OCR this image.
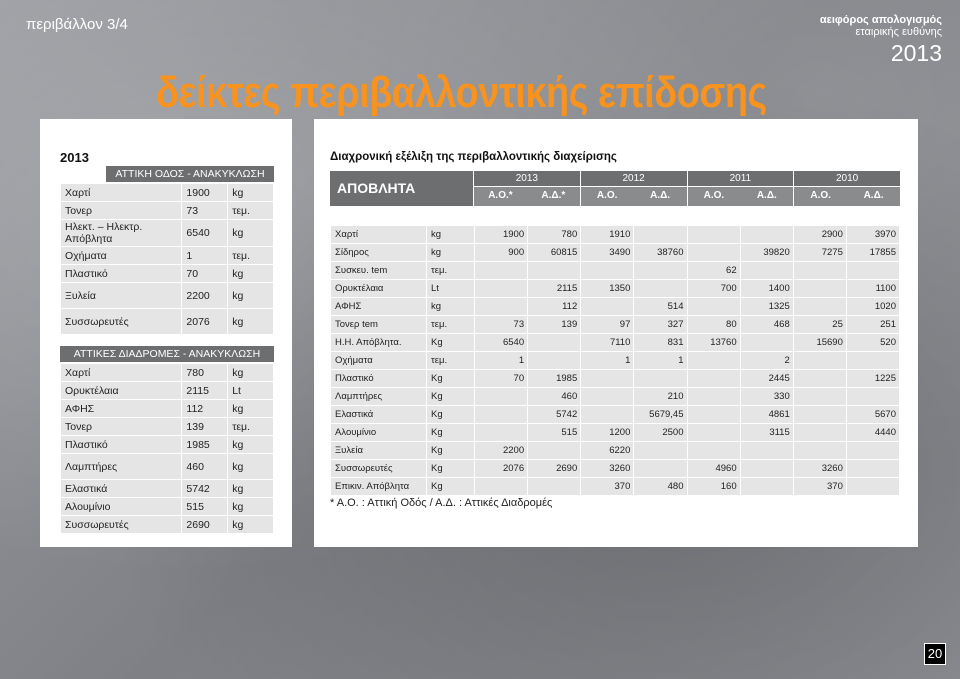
περιβάλλον 3/4	αειφόρος απολογισμός
εταιρικής ευθύνης
2013
δείκτες περιβαλλοντικής επίδοσης
2013
ΑΤΤΙΚΗ ΟΔΟΣ - ΑΝΑΚΥΚΛΩΣΗ
Χαρτί	1900	kg
Τονερ	73	τεμ.
Ηλεκτ. – Ηλεκτρ. Απόβλητα	6540	kg
Οχήματα	1	τεμ.
Πλαστικό	70	kg
Ξυλεία	2200	kg
Συσσωρευτές	2076	kg
ΑΤΤΙΚΕΣ ΔΙΑΔΡΟΜΕΣ - ΑΝΑΚΥΚΛΩΣΗ
Χαρτί	780	kg
Ορυκτέλαια	2115	Lt
ΑΦΗΣ	112	kg
Τονερ	139	τεμ.
Πλαστικό	1985	kg
Λαμπτήρες	460	kg
Ελαστικά	5742	kg
Αλουμίνιο	515	kg
Συσσωρευτές	2690	kg
Διαχρονική εξέλιξη της περιβαλλοντικής διαχείρισης
ΑΠΟΒΛΗΤΑ
2013
Α.Ο.*	Α.Δ.*
2012
Α.Ο.	Α.Δ.
2011
Α.Ο.	Α.Δ.
2010
Α.Ο.	Α.Δ.
Χαρτί	kg	1900	780	1910				2900	3970
Σίδηρος	kg	900	60815	3490	38760		39820	7275	17855
Συσκευ. tem	τεμ.					62			
Ορυκτέλαια	Lt		2115	1350		700	1400		1100
ΑΦΗΣ	kg		112		514		1325		1020
Τονερ tem	τεμ.	73	139	97	327	80	468	25	251
Η.Η. Απόβλητα.	Kg	6540		7110	831	13760		15690	520
Οχήματα	τεμ.	1		1	1		2		
Πλαστικό	Kg	70	1985				2445		1225
Λαμπτήρες	Kg		460		210		330		
Ελαστικά	Kg		5742		5679,45		4861		5670
Αλουμίνιο	Kg		515	1200	2500		3115		4440
Ξυλεία	Kg	2200		6220					
Συσσωρευτές	Kg	2076	2690	3260		4960		3260	
Επικιν. Απόβλητα	Kg			370	480	160		370	
* Α.Ο. : Αττική Οδός / Α.Δ. : Αττικές Διαδρομές
20
